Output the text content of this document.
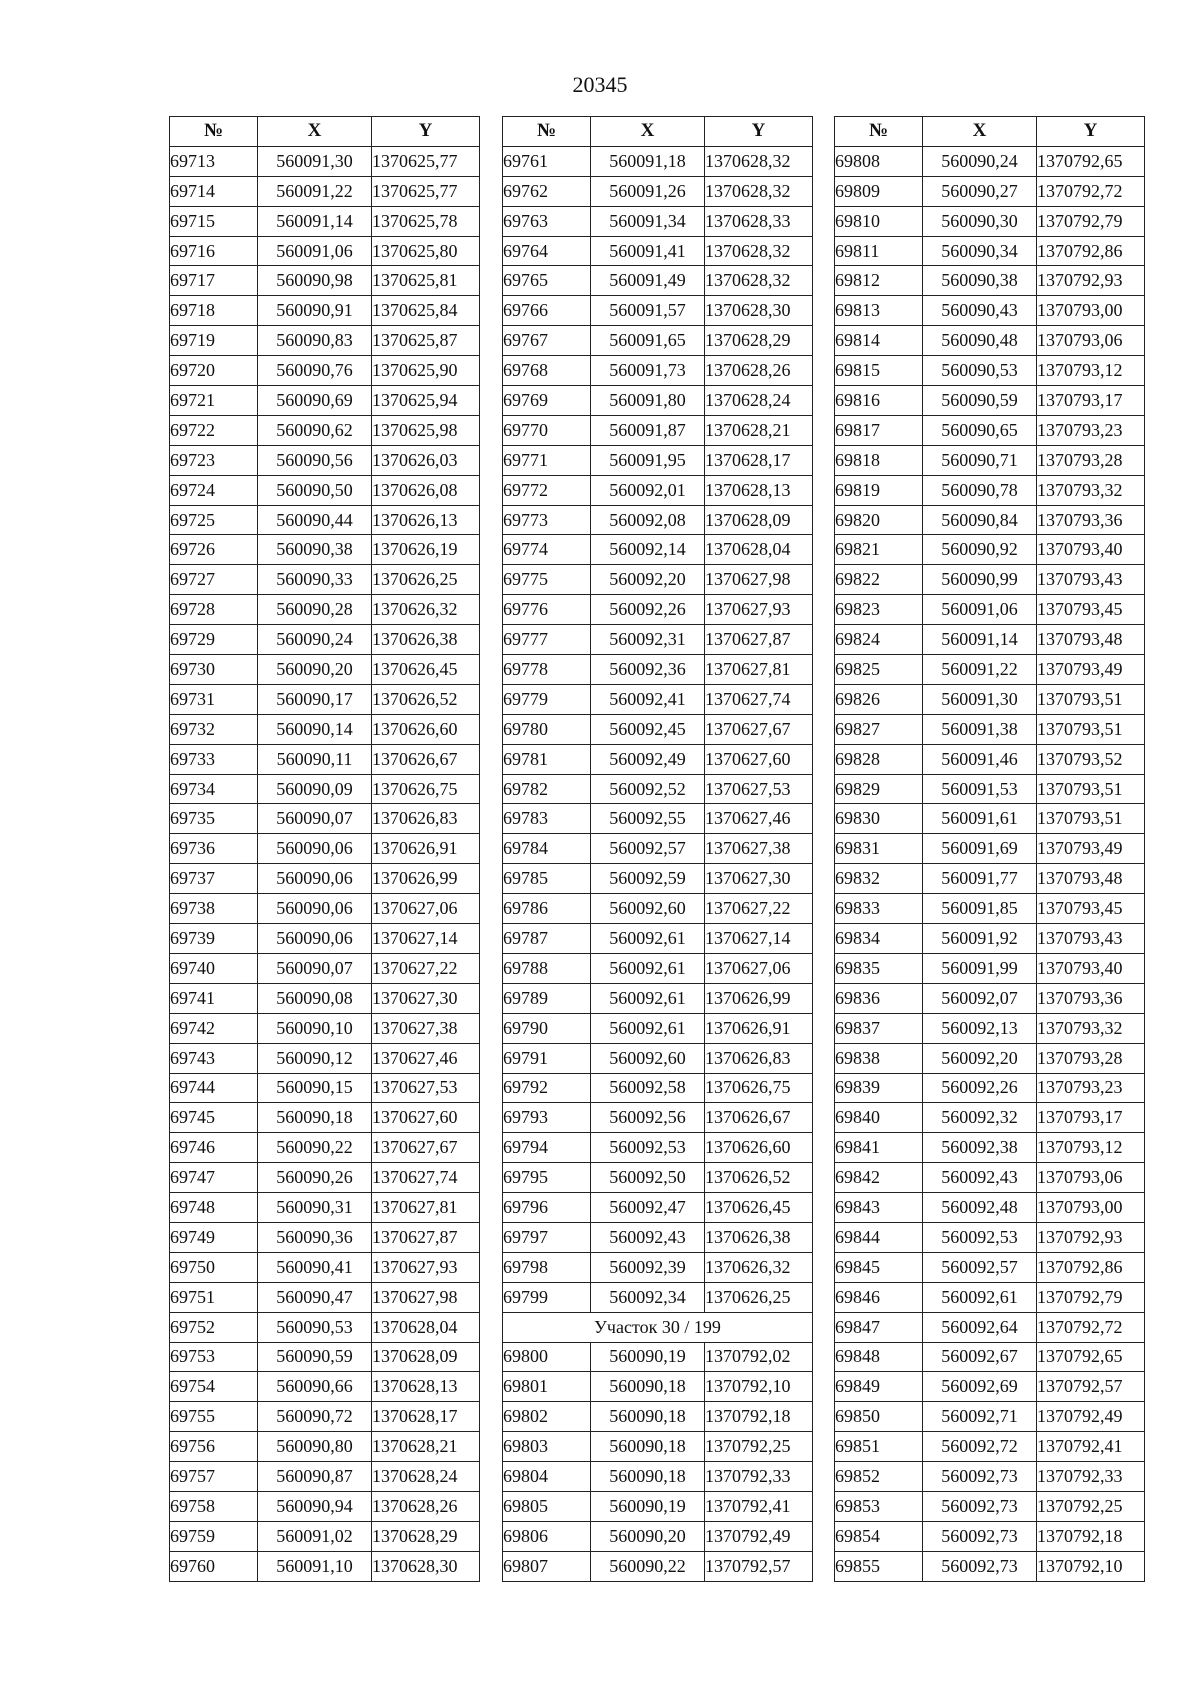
20345
№	X	Y
69713	560091,30	1370625,77
69714	560091,22	1370625,77
69715	560091,14	1370625,78
69716	560091,06	1370625,80
69717	560090,98	1370625,81
69718	560090,91	1370625,84
69719	560090,83	1370625,87
69720	560090,76	1370625,90
69721	560090,69	1370625,94
69722	560090,62	1370625,98
69723	560090,56	1370626,03
69724	560090,50	1370626,08
69725	560090,44	1370626,13
69726	560090,38	1370626,19
69727	560090,33	1370626,25
69728	560090,28	1370626,32
69729	560090,24	1370626,38
69730	560090,20	1370626,45
69731	560090,17	1370626,52
69732	560090,14	1370626,60
69733	560090,11	1370626,67
69734	560090,09	1370626,75
69735	560090,07	1370626,83
69736	560090,06	1370626,91
69737	560090,06	1370626,99
69738	560090,06	1370627,06
69739	560090,06	1370627,14
69740	560090,07	1370627,22
69741	560090,08	1370627,30
69742	560090,10	1370627,38
69743	560090,12	1370627,46
69744	560090,15	1370627,53
69745	560090,18	1370627,60
69746	560090,22	1370627,67
69747	560090,26	1370627,74
69748	560090,31	1370627,81
69749	560090,36	1370627,87
69750	560090,41	1370627,93
69751	560090,47	1370627,98
69752	560090,53	1370628,04
69753	560090,59	1370628,09
69754	560090,66	1370628,13
69755	560090,72	1370628,17
69756	560090,80	1370628,21
69757	560090,87	1370628,24
69758	560090,94	1370628,26
69759	560091,02	1370628,29
69760	560091,10	1370628,30
№	X	Y
69761	560091,18	1370628,32
69762	560091,26	1370628,32
69763	560091,34	1370628,33
69764	560091,41	1370628,32
69765	560091,49	1370628,32
69766	560091,57	1370628,30
69767	560091,65	1370628,29
69768	560091,73	1370628,26
69769	560091,80	1370628,24
69770	560091,87	1370628,21
69771	560091,95	1370628,17
69772	560092,01	1370628,13
69773	560092,08	1370628,09
69774	560092,14	1370628,04
69775	560092,20	1370627,98
69776	560092,26	1370627,93
69777	560092,31	1370627,87
69778	560092,36	1370627,81
69779	560092,41	1370627,74
69780	560092,45	1370627,67
69781	560092,49	1370627,60
69782	560092,52	1370627,53
69783	560092,55	1370627,46
69784	560092,57	1370627,38
69785	560092,59	1370627,30
69786	560092,60	1370627,22
69787	560092,61	1370627,14
69788	560092,61	1370627,06
69789	560092,61	1370626,99
69790	560092,61	1370626,91
69791	560092,60	1370626,83
69792	560092,58	1370626,75
69793	560092,56	1370626,67
69794	560092,53	1370626,60
69795	560092,50	1370626,52
69796	560092,47	1370626,45
69797	560092,43	1370626,38
69798	560092,39	1370626,32
69799	560092,34	1370626,25
Участок 30 / 199		
69800	560090,19	1370792,02
69801	560090,18	1370792,10
69802	560090,18	1370792,18
69803	560090,18	1370792,25
69804	560090,18	1370792,33
69805	560090,19	1370792,41
69806	560090,20	1370792,49
69807	560090,22	1370792,57
№	X	Y
69808	560090,24	1370792,65
69809	560090,27	1370792,72
69810	560090,30	1370792,79
69811	560090,34	1370792,86
69812	560090,38	1370792,93
69813	560090,43	1370793,00
69814	560090,48	1370793,06
69815	560090,53	1370793,12
69816	560090,59	1370793,17
69817	560090,65	1370793,23
69818	560090,71	1370793,28
69819	560090,78	1370793,32
69820	560090,84	1370793,36
69821	560090,92	1370793,40
69822	560090,99	1370793,43
69823	560091,06	1370793,45
69824	560091,14	1370793,48
69825	560091,22	1370793,49
69826	560091,30	1370793,51
69827	560091,38	1370793,51
69828	560091,46	1370793,52
69829	560091,53	1370793,51
69830	560091,61	1370793,51
69831	560091,69	1370793,49
69832	560091,77	1370793,48
69833	560091,85	1370793,45
69834	560091,92	1370793,43
69835	560091,99	1370793,40
69836	560092,07	1370793,36
69837	560092,13	1370793,32
69838	560092,20	1370793,28
69839	560092,26	1370793,23
69840	560092,32	1370793,17
69841	560092,38	1370793,12
69842	560092,43	1370793,06
69843	560092,48	1370793,00
69844	560092,53	1370792,93
69845	560092,57	1370792,86
69846	560092,61	1370792,79
69847	560092,64	1370792,72
69848	560092,67	1370792,65
69849	560092,69	1370792,57
69850	560092,71	1370792,49
69851	560092,72	1370792,41
69852	560092,73	1370792,33
69853	560092,73	1370792,25
69854	560092,73	1370792,18
69855	560092,73	1370792,10
